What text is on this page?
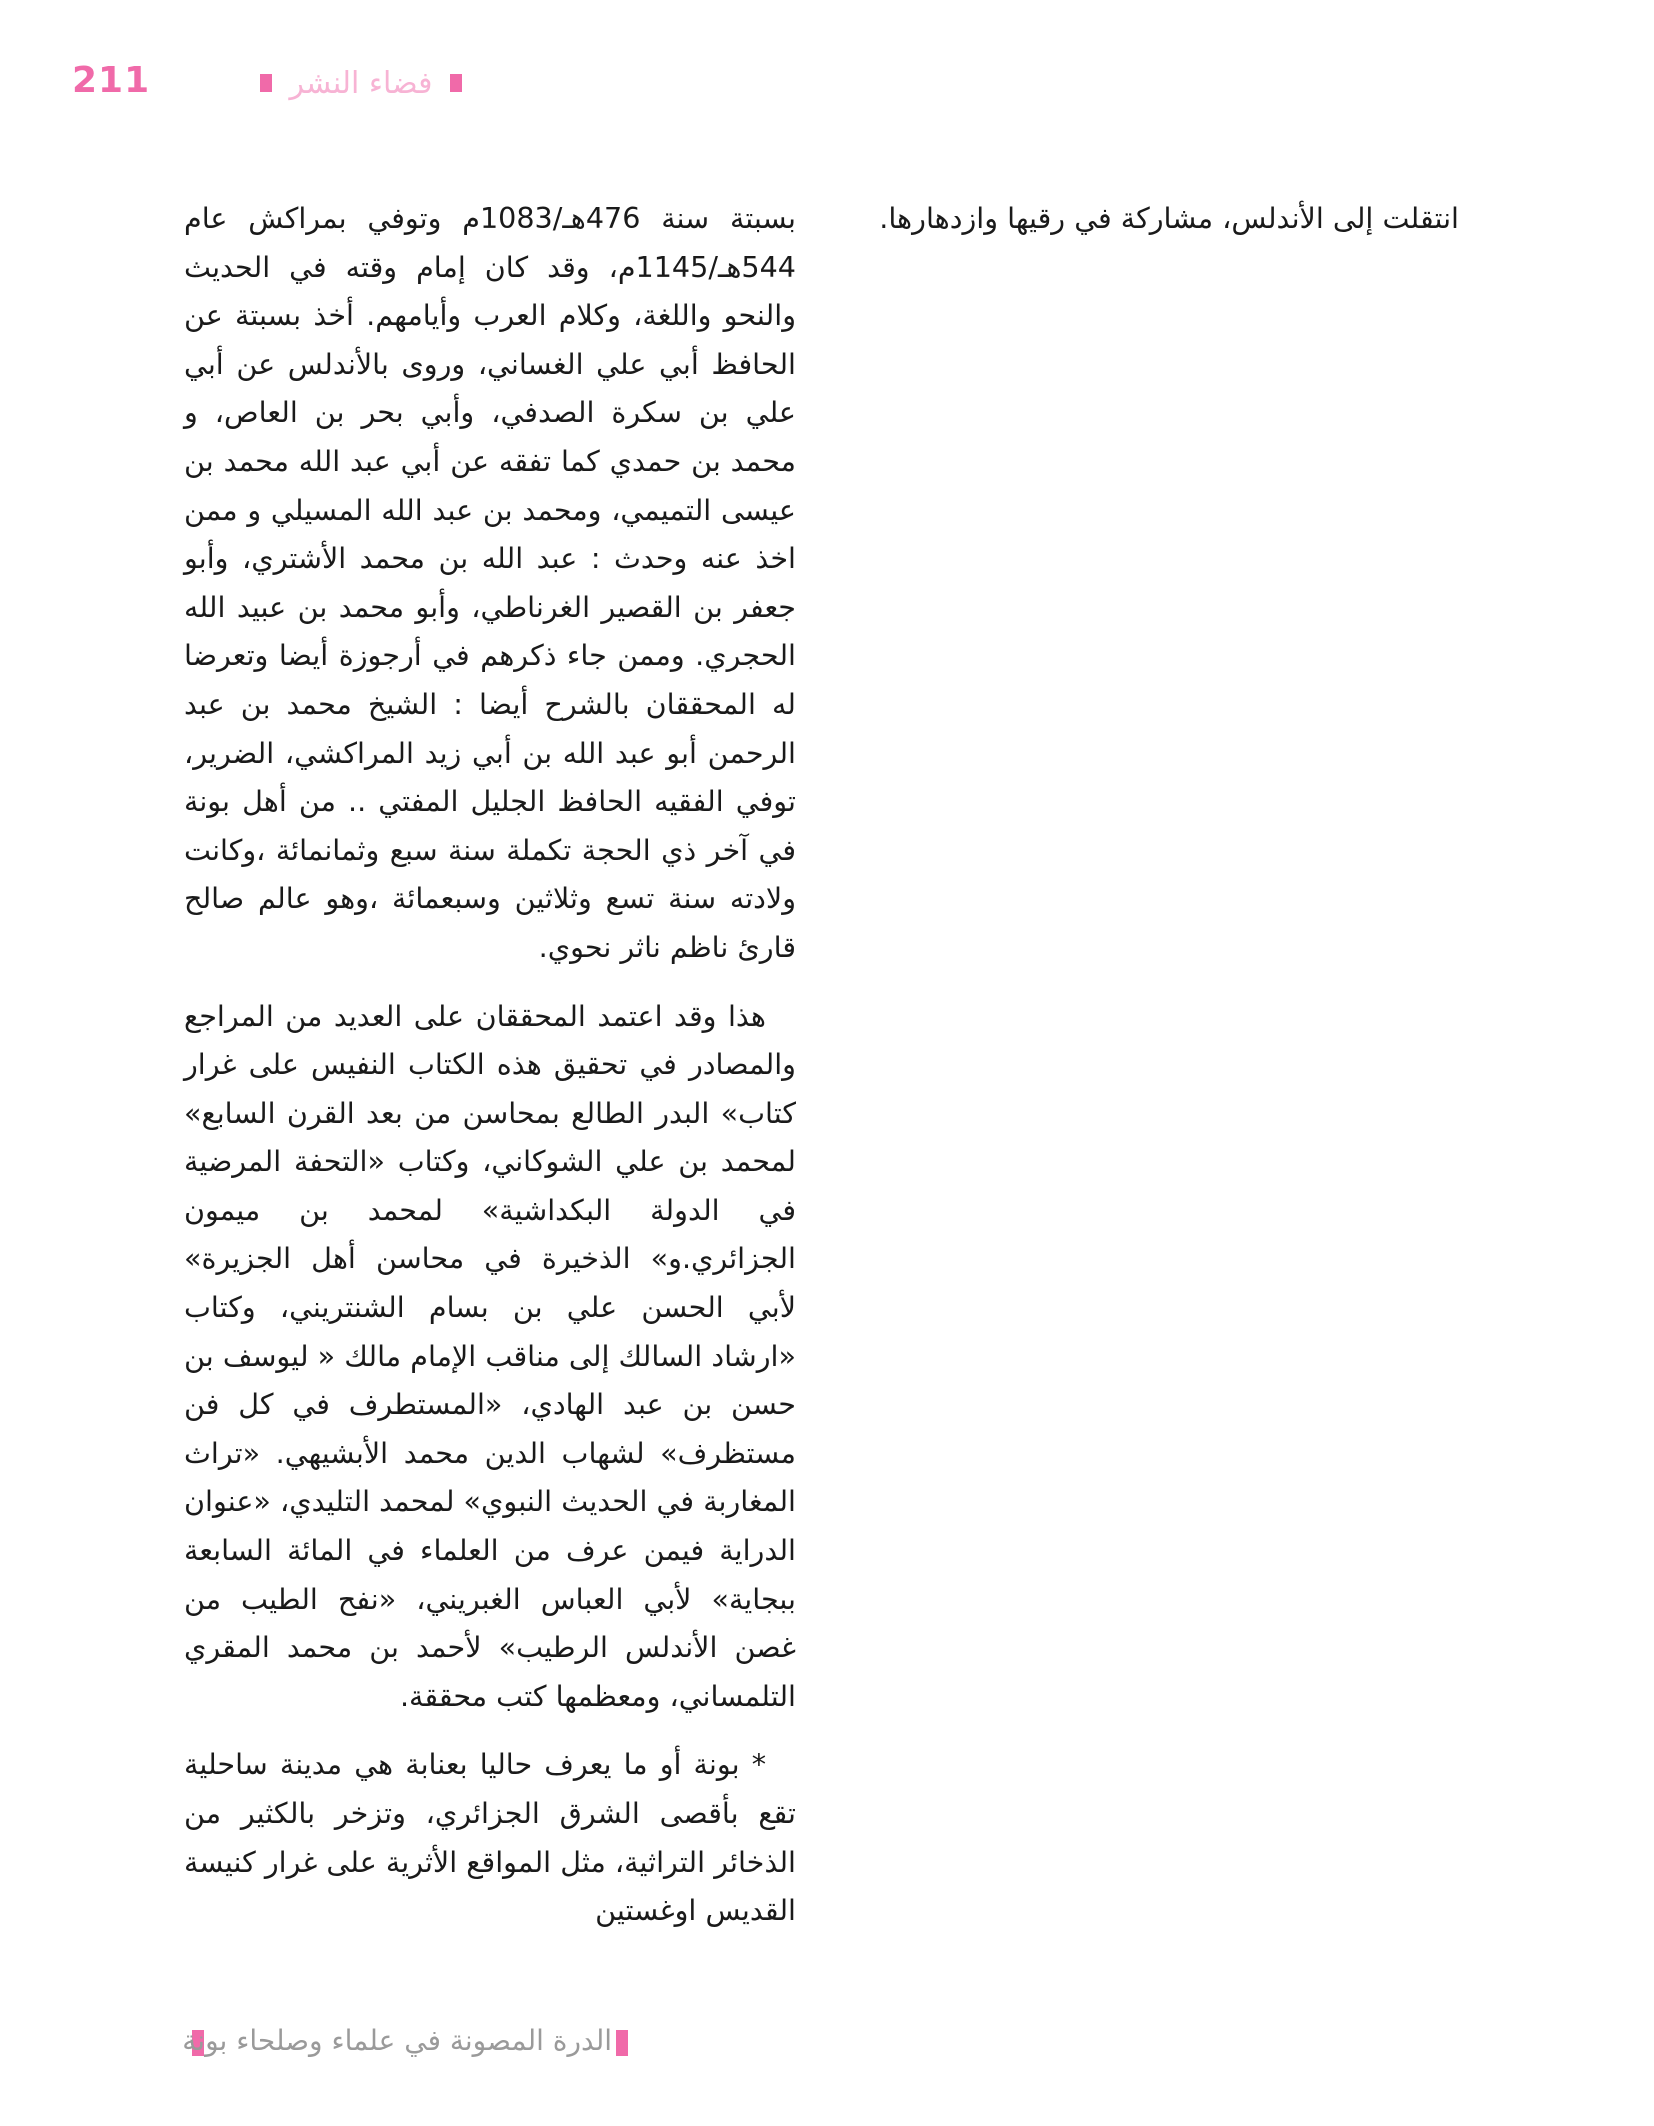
211	فضاء النشر

انتقلت إلى الأندلس، مشاركة في رقيها وازدهارها.

بسبتة سنة 476هـ/1083م وتوفي بمراكش عام 544هـ/1145م، وقد كان إمام وقته في الحديث والنحو واللغة، وكلام العرب وأيامهم. أخذ بسبتة عن الحافظ أبي علي الغساني، وروى بالأندلس عن أبي علي بن سكرة الصدفي، وأبي بحر بن العاص، و محمد بن حمدي كما تفقه عن أبي عبد الله محمد بن عيسى التميمي، ومحمد بن عبد الله المسيلي و ممن اخذ عنه وحدث : عبد الله بن محمد الأشتري، وأبو جعفر بن القصير الغرناطي، وأبو محمد بن عبيد الله الحجري. وممن جاء ذكرهم في أرجوزة أيضا وتعرضا له المحققان بالشرح أيضا : الشيخ محمد بن عبد الرحمن أبو عبد الله بن أبي زيد المراكشي، الضرير، توفي الفقيه الحافظ الجليل المفتي .. من أهل بونة في آخر ذي الحجة تكملة سنة سبع وثمانمائة ،وكانت ولادته سنة تسع وثلاثين وسبعمائة ،وهو عالم صالح قارئ ناظم ناثر نحوي.

هذا وقد اعتمد المحققان على العديد من المراجع والمصادر في تحقيق هذه الكتاب النفيس على غرار كتاب» البدر الطالع بمحاسن من بعد القرن السابع» لمحمد بن علي الشوكاني، وكتاب «التحفة المرضية في الدولة البكداشية» لمحمد بن ميمون الجزائري.و» الذخيرة في محاسن أهل الجزيرة» لأبي الحسن علي بن بسام الشنتريني، وكتاب «ارشاد السالك إلى مناقب الإمام مالك « ليوسف بن حسن بن عبد الهادي، «المستطرف في كل فن مستظرف» لشهاب الدين محمد الأبشيهي. «تراث المغاربة في الحديث النبوي» لمحمد التليدي، «عنوان الدراية فيمن عرف من العلماء في المائة السابعة ببجاية» لأبي العباس الغبريني، «نفح الطيب من غصن الأندلس الرطيب» لأحمد بن محمد المقري التلمساني، ومعظمها كتب محققة.

* بونة أو ما يعرف حاليا بعنابة هي مدينة ساحلية تقع بأقصى الشرق الجزائري، وتزخر بالكثير من الذخائر التراثية، مثل المواقع الأثرية على غرار كنيسة القديس اوغستين

الدرة المصونة في علماء وصلحاء بونة
